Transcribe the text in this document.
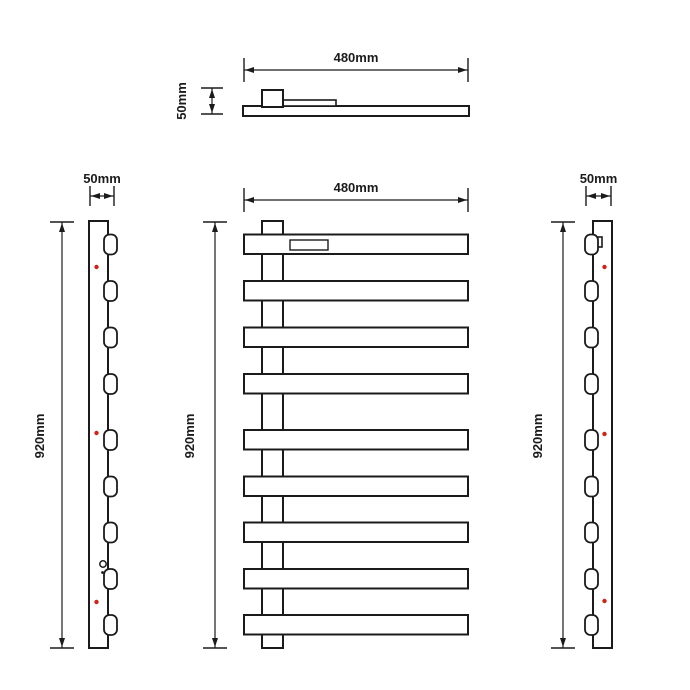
480mm
50mm
480mm
920mm
50mm
920mm
50mm
920mm
